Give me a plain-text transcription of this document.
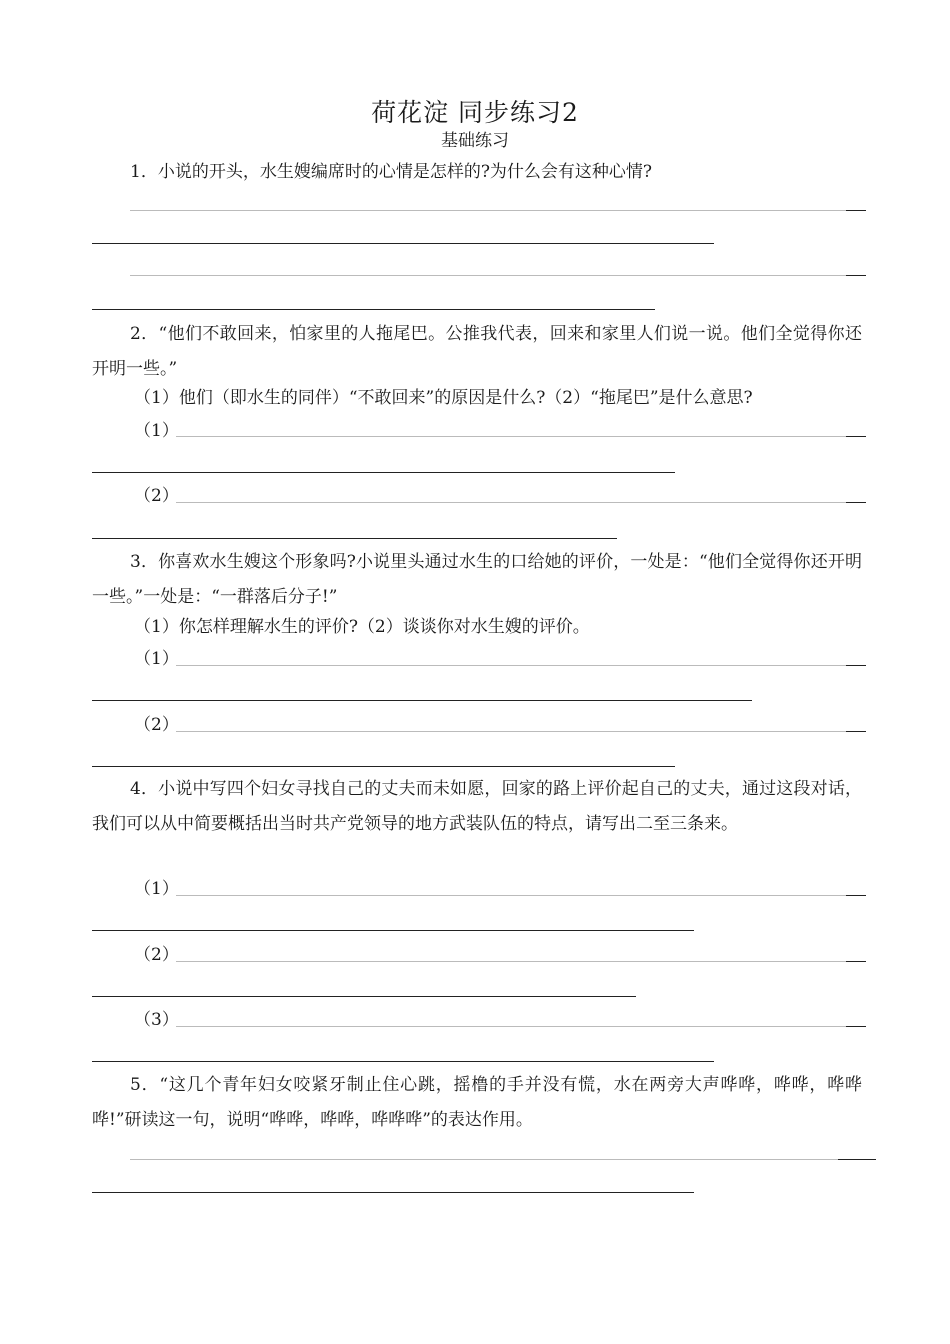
荷花淀 同步练习2
基础练习
1．小说的开头，水生嫂编席时的心情是怎样的?为什么会有这种心情?
2．“他们不敢回来，怕家里的人拖尾巴。公推我代表，回来和家里人们说一说。他们全觉得你还开明一些。”
（1）他们（即水生的同伴）“不敢回来”的原因是什么?（2）“拖尾巴”是什么意思?
（1）
（2）
3．你喜欢水生嫂这个形象吗?小说里头通过水生的口给她的评价，一处是：“他们全觉得你还开明一些。”一处是：“一群落后分子!”
（1）你怎样理解水生的评价?（2）谈谈你对水生嫂的评价。
（1）
（2）
4．小说中写四个妇女寻找自己的丈夫而未如愿，回家的路上评价起自己的丈夫，通过这段对话，我们可以从中简要概括出当时共产党领导的地方武装队伍的特点，请写出二至三条来。
（1）
（2）
（3）
5．“这几个青年妇女咬紧牙制止住心跳，摇橹的手并没有慌，水在两旁大声哗哗，哗哗，哗哗哗!”研读这一句，说明“哗哗，哗哗，哗哗哗”的表达作用。
